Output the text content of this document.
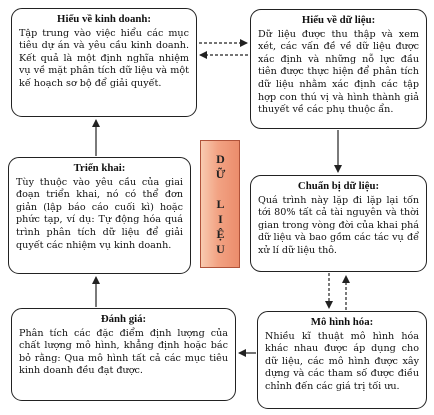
Hiểu về kinh doanh:
Tập trung vào việc hiểu các mục tiêu dự án và yêu cầu kinh doanh. Kết quả là một định nghĩa nhiệm vụ về mặt phân tích dữ liệu và một kế hoạch sơ bộ để giải quyết.
Hiểu về dữ liệu:
Dữ liệu được thu thập và xem xét, các vấn đề về dữ liệu được xác định và những nỗ lực đầu tiên được thực hiện để phân tích dữ liệu nhằm xác định các tập hợp con thú vị và hình thành giả thuyết về các phụ thuộc ẩn.
DỮ LIỆU
Triển khai:
Tùy thuộc vào yêu cầu của giai đoạn triển khai, nó có thể đơn giản (lập báo cáo cuối kì) hoặc phức tạp, ví dụ: Tự động hóa quá trình phân tích dữ liệu để giải quyết các nhiệm vụ kinh doanh.
Chuẩn bị dữ liệu:
Quá trình này lặp đi lặp lại tốn tới 80% tất cả tài nguyên và thời gian trong vòng đời của khai phá dữ liệu và bao gồm các tác vụ để xử lí dữ liệu thô.
Đánh giá:
Phân tích các đặc điểm định lượng của chất lượng mô hình, khẳng định hoặc bác bỏ rằng: Qua mô hình tất cả các mục tiêu kinh doanh đều đạt được.
Mô hình hóa:
Nhiều kĩ thuật mô hình hóa khác nhau được áp dụng cho dữ liệu, các mô hình được xây dựng và các tham số được điều chỉnh đến các giá trị tối ưu.
